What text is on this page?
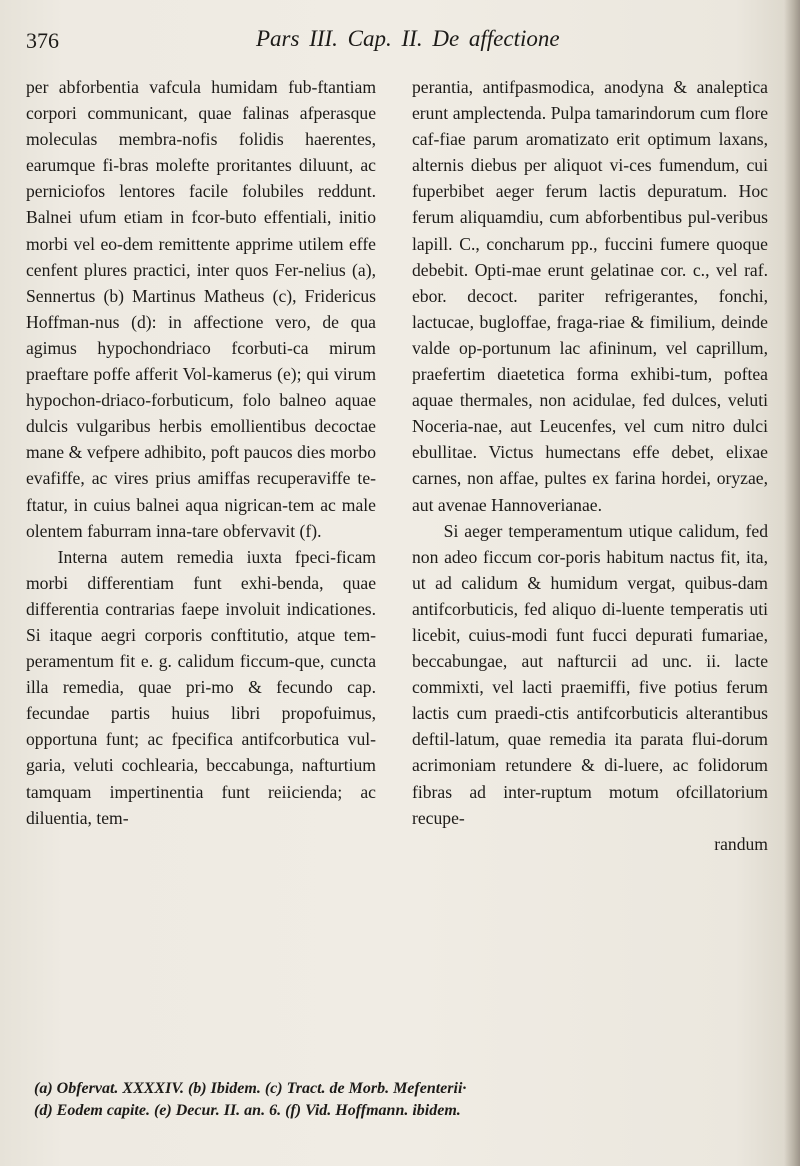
376	Pars III. Cap. II. De affectione

per abforbentia vafcula humidam fub-ftantiam corpori communicant, quae falinas afperasque moleculas membra-nofis folidis haerentes, earumque fi-bras molefte proritantes diluunt, ac perniciofos lentores facile folubiles reddunt. Balnei ufum etiam in fcor-buto effentiali, initio morbi vel eo-dem remittente apprime utilem effe cenfent plures practici, inter quos Fer-nelius (a), Sennertus (b) Martinus Matheus (c), Fridericus Hoffman-nus (d): in affectione vero, de qua agimus hypochondriaco fcorbuti-ca mirum praeftare poffe afferit Vol-kamerus (e); qui virum hypochon-driaco-forbuticum, folo balneo aquae dulcis vulgaribus herbis emollientibus decoctae mane & vefpere adhibito, poft paucos dies morbo evafiffe, ac vires prius amiffas recuperaviffe te-ftatur, in cuius balnei aqua nigrican-tem ac male olentem faburram inna-tare obfervavit (f).

Interna autem remedia iuxta fpeci-ficam morbi differentiam funt exhi-benda, quae differentia contrarias faepe involuit indicationes. Si itaque aegri corporis conftitutio, atque tem-peramentum fit e. g. calidum ficcum-que, cuncta illa remedia, quae pri-mo & fecundo cap. fecundae partis huius libri propofuimus, opportuna funt; ac fpecifica antifcorbutica vul-garia, veluti cochlearia, beccabunga, nafturtium tamquam impertinentia funt reiicienda; ac diluentia, tem-

perantia, antifpasmodica, anodyna & analeptica erunt amplectenda. Pulpa tamarindorum cum flore caf-fiae parum aromatizato erit optimum laxans, alternis diebus per aliquot vi-ces fumendum, cui fuperbibet aeger ferum lactis depuratum. Hoc ferum aliquamdiu, cum abforbentibus pul-veribus lapill. C., concharum pp., fuccini fumere quoque debebit. Opti-mae erunt gelatinae cor. c., vel raf. ebor. decoct. pariter refrigerantes, fonchi, lactucae, bugloffae, fraga-riae & fimilium, deinde valde op-portunum lac afininum, vel caprillum, praefertim diaetetica forma exhibi-tum, poftea aquae thermales, non acidulae, fed dulces, veluti Noceria-nae, aut Leucenfes, vel cum nitro dulci ebullitae. Victus humectans effe debet, elixae carnes, non affae, pultes ex farina hordei, oryzae, aut avenae Hannoverianae.

Si aeger temperamentum utique calidum, fed non adeo ficcum cor-poris habitum nactus fit, ita, ut ad calidum & humidum vergat, quibus-dam antifcorbuticis, fed aliquo di-luente temperatis uti licebit, cuius-modi funt fucci depurati fumariae, beccabungae, aut nafturcii ad unc. ii. lacte commixti, vel lacti praemiffi, five potius ferum lactis cum praedi-ctis antifcorbuticis alterantibus deftil-latum, quae remedia ita parata flui-dorum acrimoniam retundere & di-luere, ac folidorum fibras ad inter-ruptum motum ofcillatorium recupe-

randum
(a) Obfervat. XXXXIV. (b) Ibidem. (c) Tract. de Morb. Mefenterii·
(d) Eodem capite. (e) Decur. II. an. 6. (f) Vid. Hoffmann. ibidem.
